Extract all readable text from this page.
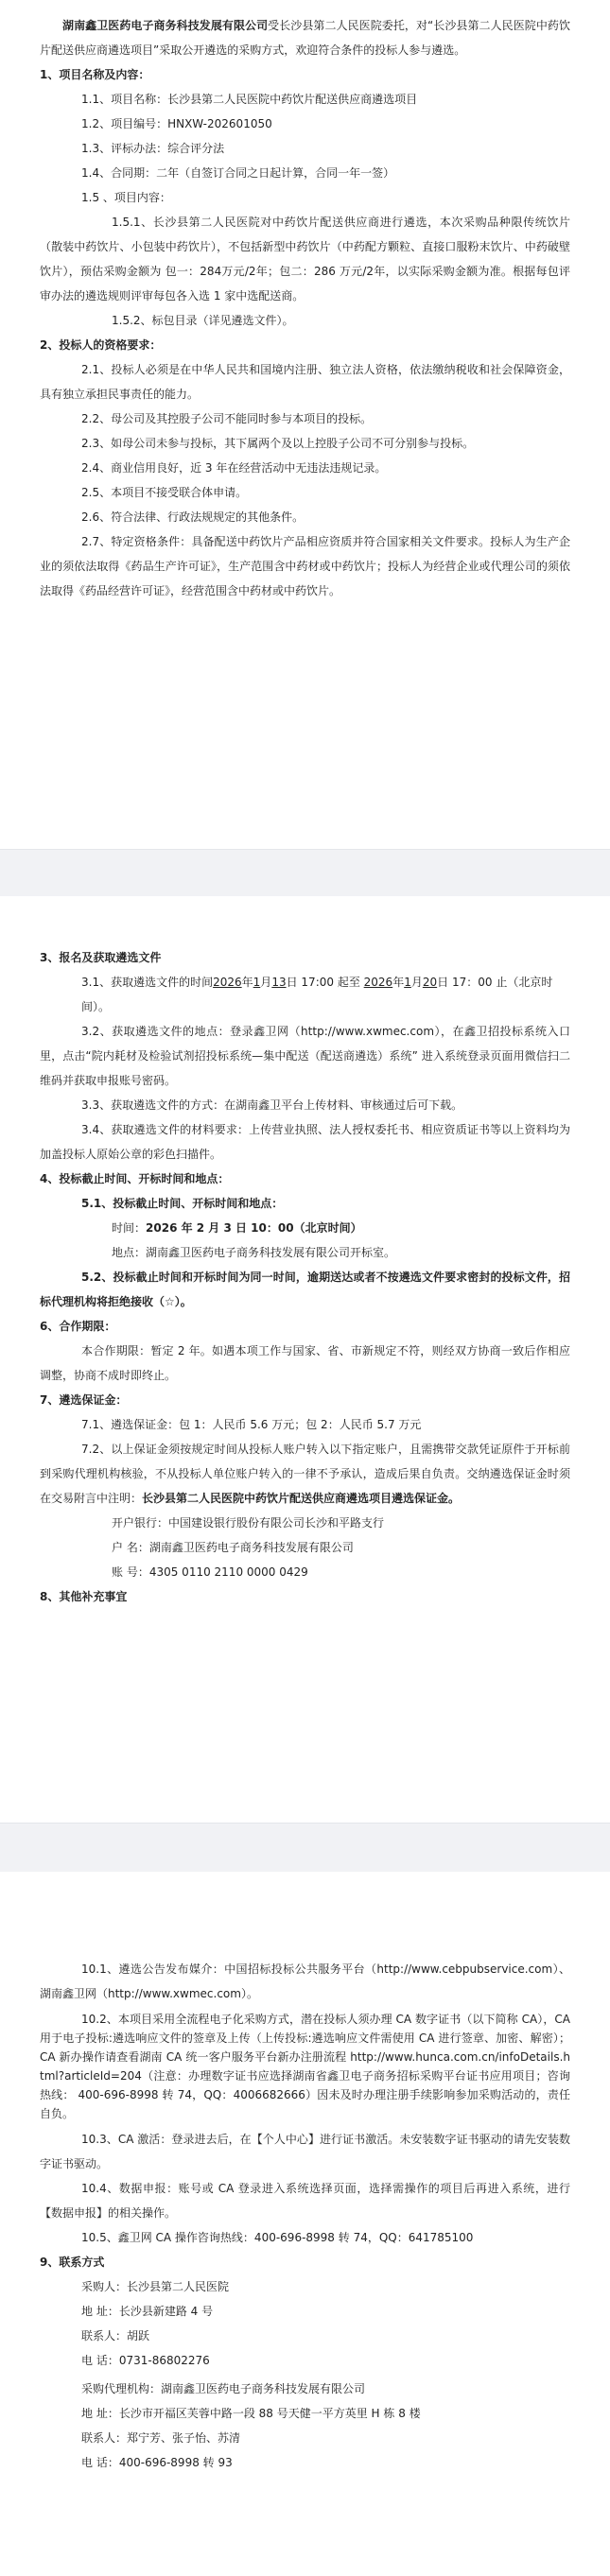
湖南鑫卫医药电子商务科技发展有限公司受长沙县第二人民医院委托，对“长沙县第二人民医院中药饮片配送供应商遴选项目”采取公开遴选的采购方式，欢迎符合条件的投标人参与遴选。

1、项目名称及内容：

1.1、项目名称：长沙县第二人民医院中药饮片配送供应商遴选项目

1.2、项目编号：HNXW-202601050

1.3、评标办法：综合评分法

1.4、合同期：二年（自签订合同之日起计算，合同一年一签）

1.5 、项目内容：

1.5.1、长沙县第二人民医院对中药饮片配送供应商进行遴选，本次采购品种限传统饮片（散装中药饮片、小包装中药饮片），不包括新型中药饮片（中药配方颗粒、直接口服粉末饮片、中药破壁饮片），预估采购金额为 包一：284万元/2年；包二：286 万元/2年，以实际采购金额为准。根据每包评审办法的遴选规则评审每包各入选 1 家中选配送商。

1.5.2、标包目录（详见遴选文件）。

2、投标人的资格要求：

2.1、投标人必须是在中华人民共和国境内注册、独立法人资格，依法缴纳税收和社会保障资金，具有独立承担民事责任的能力。

2.2、母公司及其控股子公司不能同时参与本项目的投标。

2.3、如母公司未参与投标，其下属两个及以上控股子公司不可分别参与投标。

2.4、商业信用良好，近 3 年在经营活动中无违法违规记录。

2.5、本项目不接受联合体申请。

2.6、符合法律、行政法规规定的其他条件。

2.7、特定资格条件：具备配送中药饮片产品相应资质并符合国家相关文件要求。投标人为生产企业的须依法取得《药品生产许可证》，生产范围含中药材或中药饮片；投标人为经营企业或代理公司的须依法取得《药品经营许可证》，经营范围含中药材或中药饮片。

3、报名及获取遴选文件

3.1、获取遴选文件的时间2026年1月13日 17:00 起至 2026年1月20日 17：00 止（北京时间）。

3.2、获取遴选文件的地点：登录鑫卫网（http://www.xwmec.com），在鑫卫招投标系统入口里，点击“院内耗材及检验试剂招投标系统—集中配送（配送商遴选）系统” 进入系统登录页面用微信扫二维码并获取申报账号密码。

3.3、获取遴选文件的方式：在湖南鑫卫平台上传材料、审核通过后可下载。

3.4、获取遴选文件的材料要求：上传营业执照、法人授权委托书、相应资质证书等以上资料均为加盖投标人原始公章的彩色扫描件。

4、投标截止时间、开标时间和地点：

5.1、投标截止时间、开标时间和地点：

时间：2026 年 2 月 3 日 10：00（北京时间）

地点：湖南鑫卫医药电子商务科技发展有限公司开标室。

5.2、投标截止时间和开标时间为同一时间，逾期送达或者不按遴选文件要求密封的投标文件，招标代理机构将拒绝接收（☆）。

6、合作期限：

本合作期限：暂定 2 年。如遇本项工作与国家、省、市新规定不符，则经双方协商一致后作相应调整，协商不成时即终止。

7、遴选保证金：

7.1、遴选保证金：包 1：人民币 5.6 万元；包 2：人民币 5.7 万元

7.2、以上保证金须按规定时间从投标人账户转入以下指定账户，且需携带交款凭证原件于开标前到采购代理机构核验，不从投标人单位账户转入的一律不予承认，造成后果自负责。交纳遴选保证金时须在交易附言中注明：长沙县第二人民医院中药饮片配送供应商遴选项目遴选保证金。

开户银行：中国建设银行股份有限公司长沙和平路支行

户 名：湖南鑫卫医药电子商务科技发展有限公司

账 号：4305 0110 2110 0000 0429

8、其他补充事宜

10.1、遴选公告发布媒介：中国招标投标公共服务平台（http://www.cebpubservice.com）、湖南鑫卫网（http://www.xwmec.com）。

10.2、本项目采用全流程电子化采购方式，潜在投标人须办理 CA 数字证书（以下简称 CA），CA 用于电子投标:遴选响应文件的签章及上传（上传投标:遴选响应文件需使用 CA 进行签章、加密、解密）；CA 新办操作请查看湖南 CA 统一客户服务平台新办注册流程 http://www.hunca.com.cn/infoDetails.html?articleId=204（注意：办理数字证书应选择湖南省鑫卫电子商务招标采购平台证书应用项目；咨询热线： 400-696-8998 转 74，QQ：4006682666）因未及时办理注册手续影响参加采购活动的，责任自负。

10.3、CA 激活：登录进去后，在【个人中心】进行证书激活。未安装数字证书驱动的请先安装数字证书驱动。

10.4、数据申报：账号或 CA 登录进入系统选择页面，选择需操作的项目后再进入系统，进行【数据申报】的相关操作。

10.5、鑫卫网 CA 操作咨询热线：400-696-8998 转 74，QQ：641785100

9、联系方式

采购人：长沙县第二人民医院

地 址：长沙县新建路 4 号

联系人：胡跃

电 话：0731-86802276

采购代理机构：湖南鑫卫医药电子商务科技发展有限公司

地 址：长沙市开福区芙蓉中路一段 88 号天健一平方英里 H 栋 8 楼

联系人：郑宁芳、张子怡、苏清

电 话：400-696-8998 转 93
